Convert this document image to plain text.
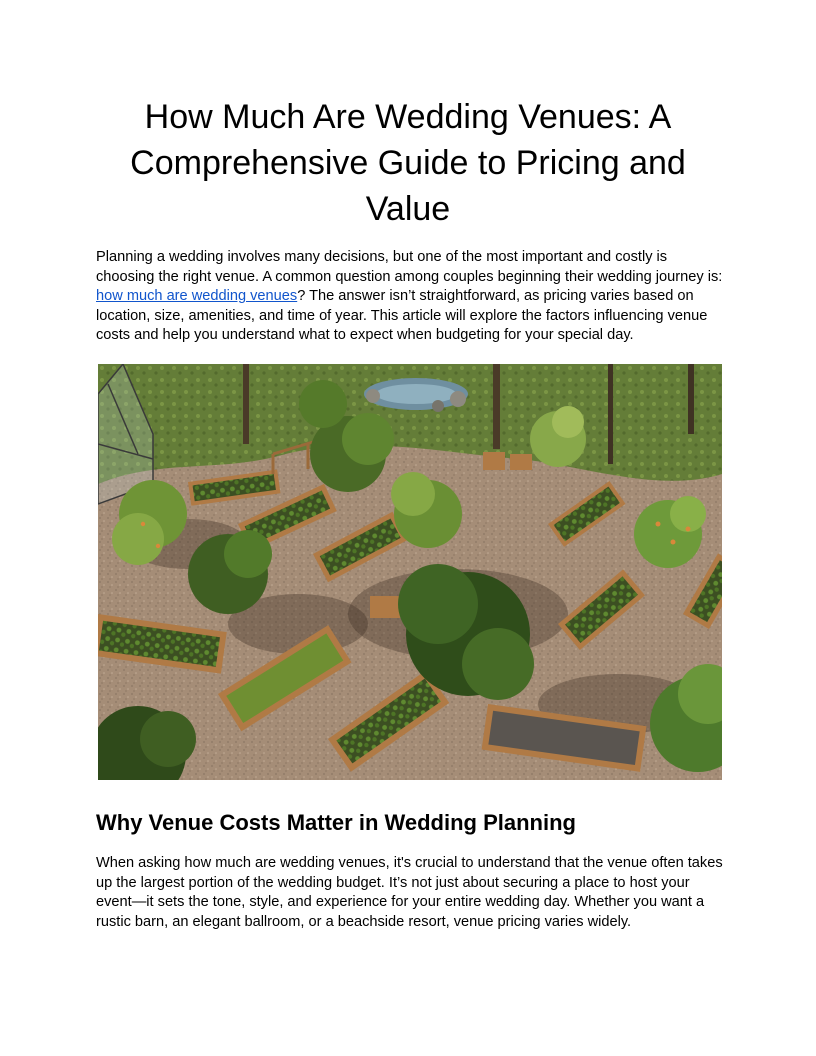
How Much Are Wedding Venues: A Comprehensive Guide to Pricing and Value

Planning a wedding involves many decisions, but one of the most important and costly is choosing the right venue. A common question among couples beginning their wedding journey is: how much are wedding venues? The answer isn’t straightforward, as pricing varies based on location, size, amenities, and time of year. This article will explore the factors influencing venue costs and help you understand what to expect when budgeting for your special day.

Why Venue Costs Matter in Wedding Planning

When asking how much are wedding venues, it's crucial to understand that the venue often takes up the largest portion of the wedding budget. It’s not just about securing a place to host your event—it sets the tone, style, and experience for your entire wedding day. Whether you want a rustic barn, an elegant ballroom, or a beachside resort, venue pricing varies widely.
